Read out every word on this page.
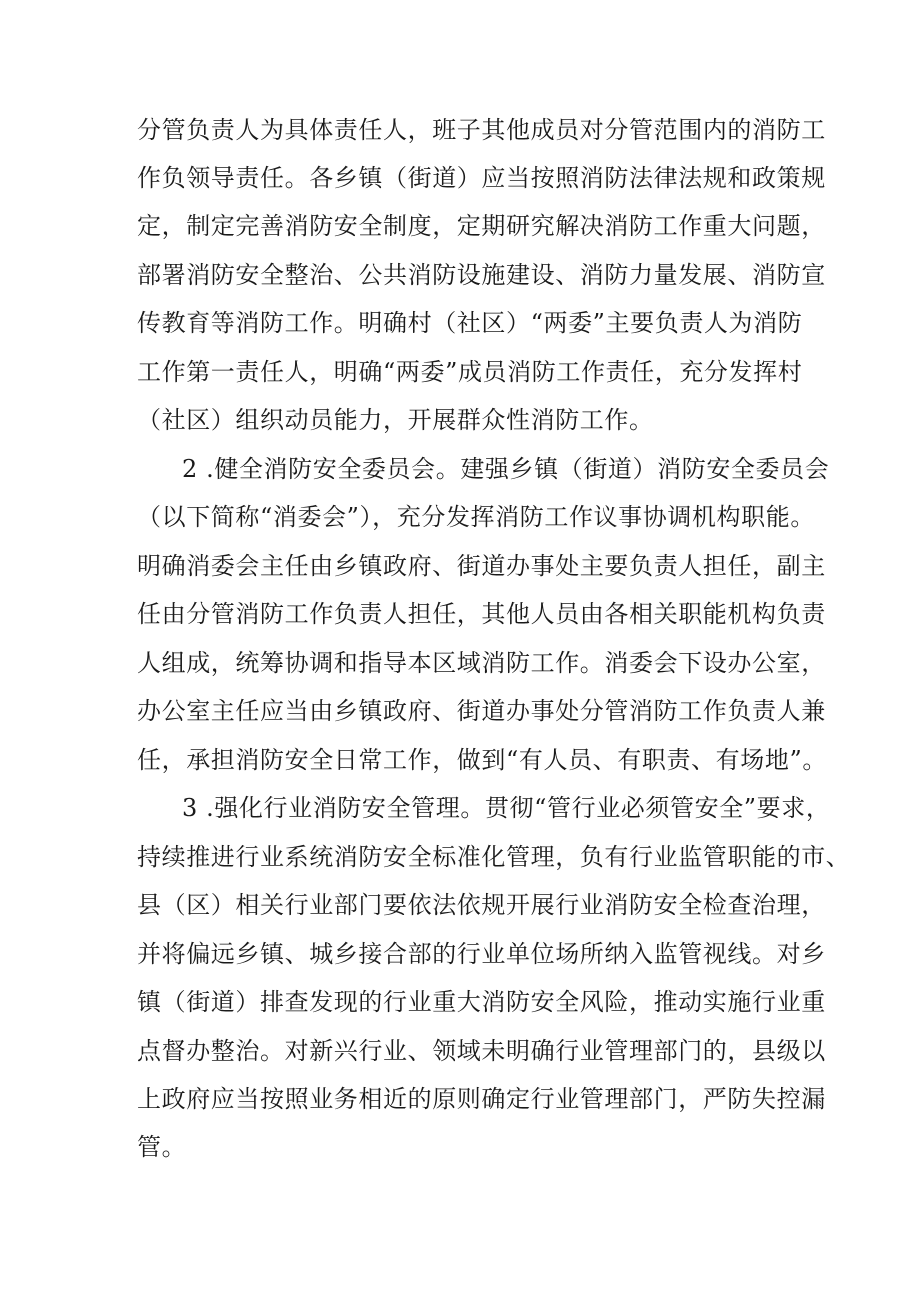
分管负责人为具体责任人，班子其他成员对分管范围内的消防工
作负领导责任。各乡镇（街道）应当按照消防法律法规和政策规
定，制定完善消防安全制度，定期研究解决消防工作重大问题，
部署消防安全整治、公共消防设施建设、消防力量发展、消防宣
传教育等消防工作。明确村（社区）“两委”主要负责人为消防
工作第一责任人，明确“两委”成员消防工作责任，充分发挥村
（社区）组织动员能力，开展群众性消防工作。
2 .健全消防安全委员会。建强乡镇（街道）消防安全委员会
（以下简称“消委会”），充分发挥消防工作议事协调机构职能。
明确消委会主任由乡镇政府、街道办事处主要负责人担任，副主
任由分管消防工作负责人担任，其他人员由各相关职能机构负责
人组成，统筹协调和指导本区域消防工作。消委会下设办公室，
办公室主任应当由乡镇政府、街道办事处分管消防工作负责人兼
任，承担消防安全日常工作，做到“有人员、有职责、有场地”。
3 .强化行业消防安全管理。贯彻“管行业必须管安全”要求，
持续推进行业系统消防安全标准化管理，负有行业监管职能的市、
县（区）相关行业部门要依法依规开展行业消防安全检查治理，
并将偏远乡镇、城乡接合部的行业单位场所纳入监管视线。对乡
镇（街道）排查发现的行业重大消防安全风险，推动实施行业重
点督办整治。对新兴行业、领域未明确行业管理部门的，县级以
上政府应当按照业务相近的原则确定行业管理部门，严防失控漏
管。
